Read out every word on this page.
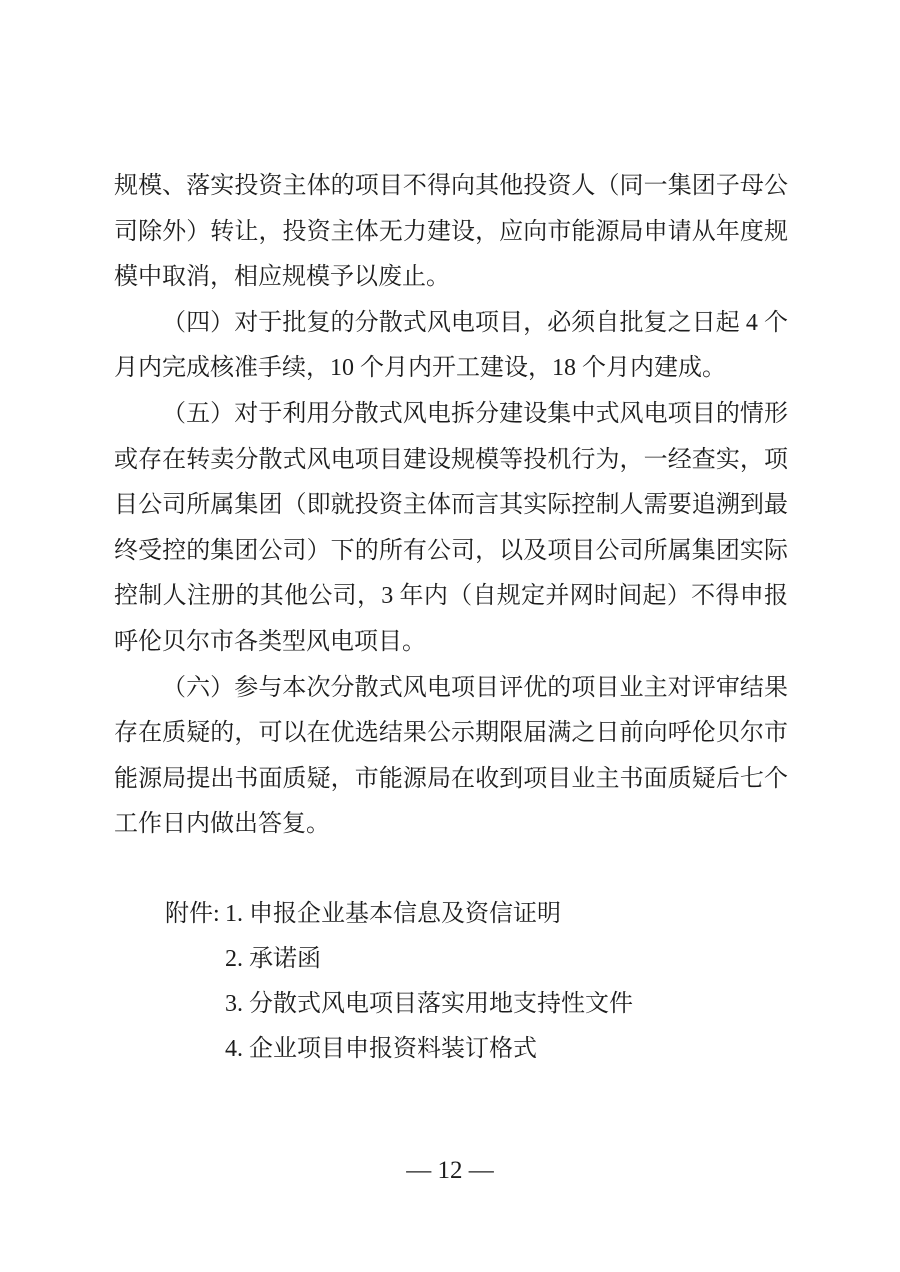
规模、落实投资主体的项目不得向其他投资人（同一集团子母公
司除外）转让，投资主体无力建设，应向市能源局申请从年度规
模中取消，相应规模予以废止。
（四）对于批复的分散式风电项目，必须自批复之日起 4 个
月内完成核准手续，10 个月内开工建设，18 个月内建成。
（五）对于利用分散式风电拆分建设集中式风电项目的情形
或存在转卖分散式风电项目建设规模等投机行为，一经查实，项
目公司所属集团（即就投资主体而言其实际控制人需要追溯到最
终受控的集团公司）下的所有公司，以及项目公司所属集团实际
控制人注册的其他公司，3 年内（自规定并网时间起）不得申报
呼伦贝尔市各类型风电项目。
（六）参与本次分散式风电项目评优的项目业主对评审结果
存在质疑的，可以在优选结果公示期限届满之日前向呼伦贝尔市
能源局提出书面质疑，市能源局在收到项目业主书面质疑后七个
工作日内做出答复。
附件: 1. 申报企业基本信息及资信证明
2. 承诺函
3. 分散式风电项目落实用地支持性文件
4. 企业项目申报资料装订格式
— 12 —
